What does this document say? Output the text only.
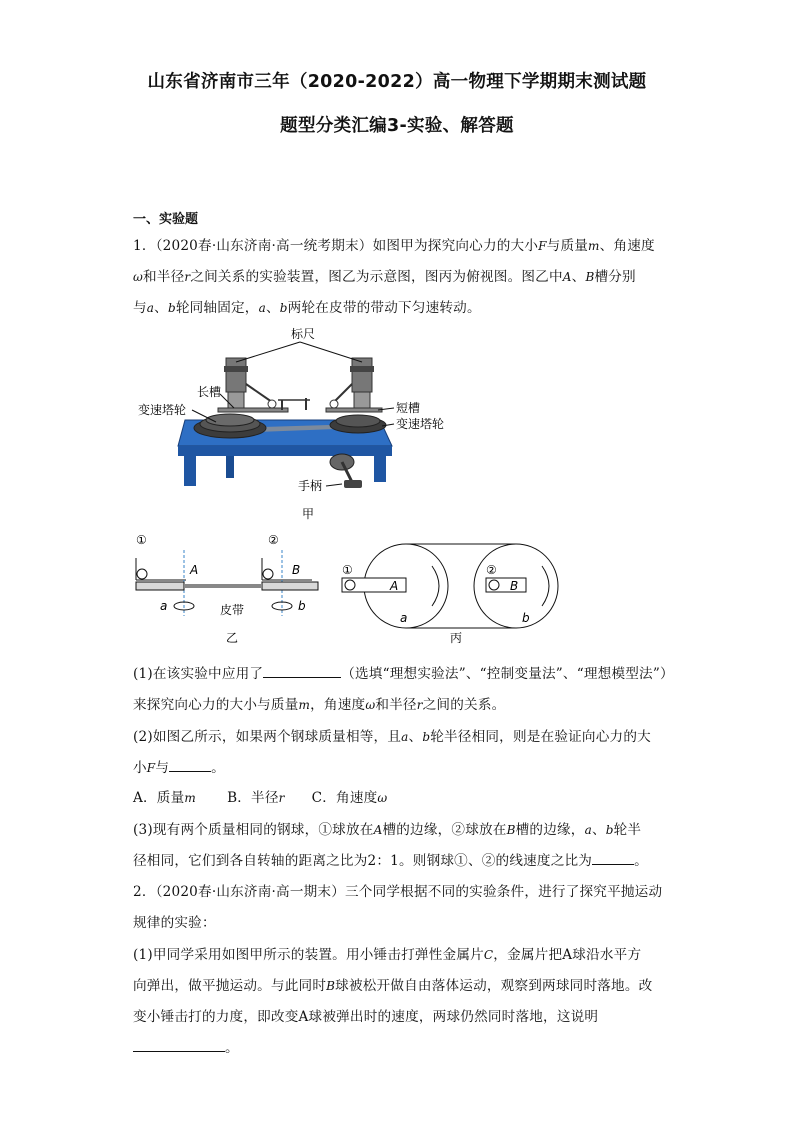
山东省济南市三年（2020-2022）高一物理下学期期末测试题
题型分类汇编3-实验、解答题
一、实验题
1．（2020春·山东济南·高一统考期末）如图甲为探究向心力的大小F与质量m、角速度
ω和半径r之间关系的实验装置，图乙为示意图，图丙为俯视图。图乙中A、B槽分别
与a、b轮同轴固定，a、b两轮在皮带的带动下匀速转动。
标尺
长槽
变速塔轮	短槽
变速塔轮
手柄
甲
①	②
A	B
a	b
皮带
乙
①	②
A	B
a	b
丙
(1)在该实验中应用了	（选填“理想实验法”、“控制变量法”、“理想模型法”）
来探究向心力的大小与质量m，角速度ω和半径r之间的关系。
(2)如图乙所示，如果两个钢球质量相等，且a、b轮半径相同，则是在验证向心力的大
小F与	。
A．质量m B．半径r C．角速度ω
(3)现有两个质量相同的钢球，①球放在A槽的边缘，②球放在B槽的边缘，a、b轮半
径相同，它们到各自转轴的距离之比为2：1。则钢球①、②的线速度之比为	。
2．（2020春·山东济南·高一期末）三个同学根据不同的实验条件，进行了探究平抛运动
规律的实验：
(1)甲同学采用如图甲所示的装置。用小锤击打弹性金属片C，金属片把A球沿水平方
向弹出，做平抛运动。与此同时B球被松开做自由落体运动，观察到两球同时落地。改
变小锤击打的力度，即改变A球被弹出时的速度，两球仍然同时落地，这说明
。
